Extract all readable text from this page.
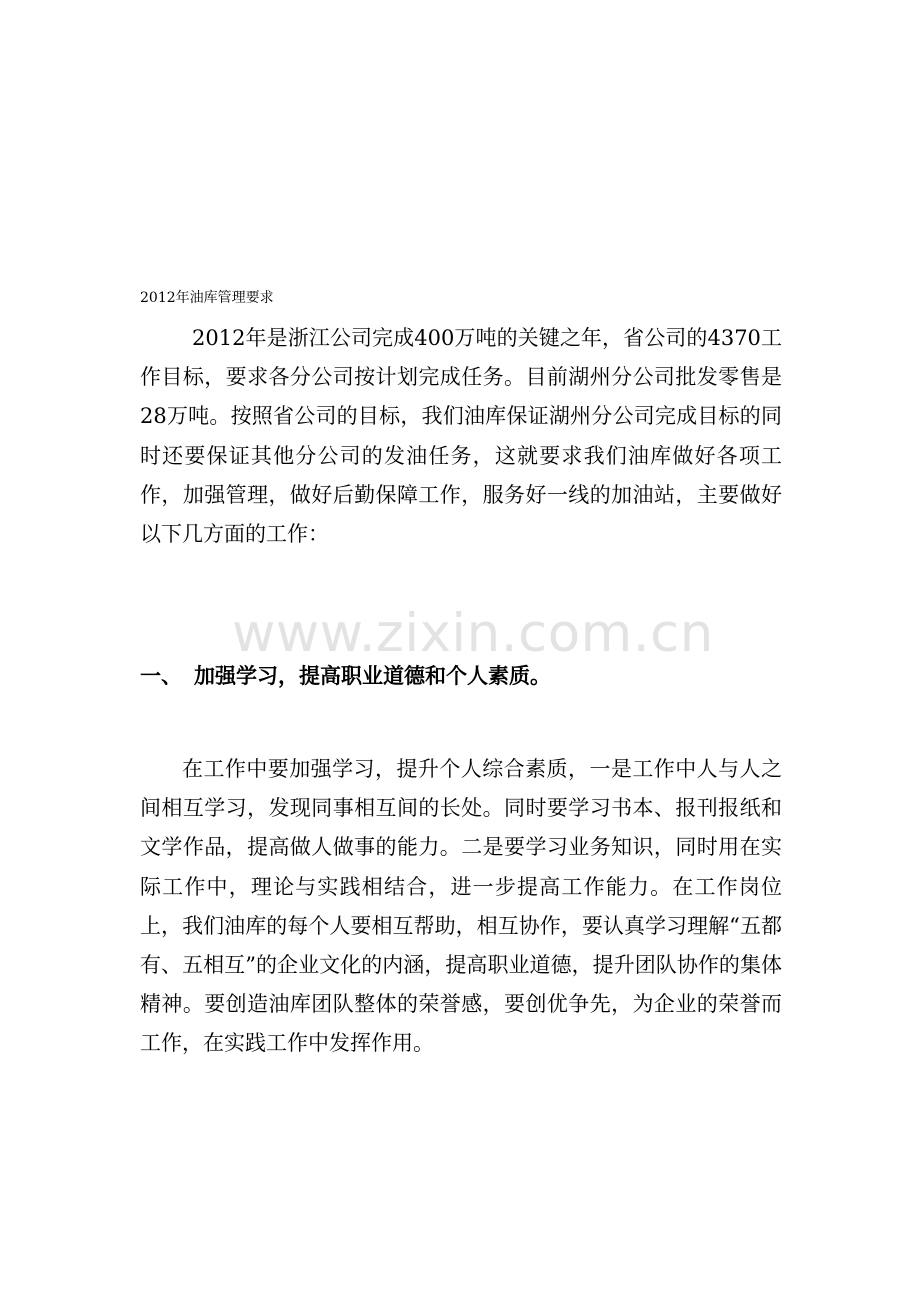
2012年油库管理要求

2012年是浙江公司完成400万吨的关键之年，省公司的4370工作目标，要求各分公司按计划完成任务。目前湖州分公司批发零售是28万吨。按照省公司的目标，我们油库保证湖州分公司完成目标的同时还要保证其他分公司的发油任务，这就要求我们油库做好各项工作，加强管理，做好后勤保障工作，服务好一线的加油站，主要做好以下几方面的工作：

www.zixin.com.cn
一、 加强学习，提高职业道德和个人素质。

在工作中要加强学习，提升个人综合素质，一是工作中人与人之间相互学习，发现同事相互间的长处。同时要学习书本、报刊报纸和文学作品，提高做人做事的能力。二是要学习业务知识，同时用在实际工作中，理论与实践相结合，进一步提高工作能力。在工作岗位上，我们油库的每个人要相互帮助，相互协作，要认真学习理解“五都有、五相互”的企业文化的内涵，提高职业道德，提升团队协作的集体精神。要创造油库团队整体的荣誉感，要创优争先，为企业的荣誉而工作，在实践工作中发挥作用。
